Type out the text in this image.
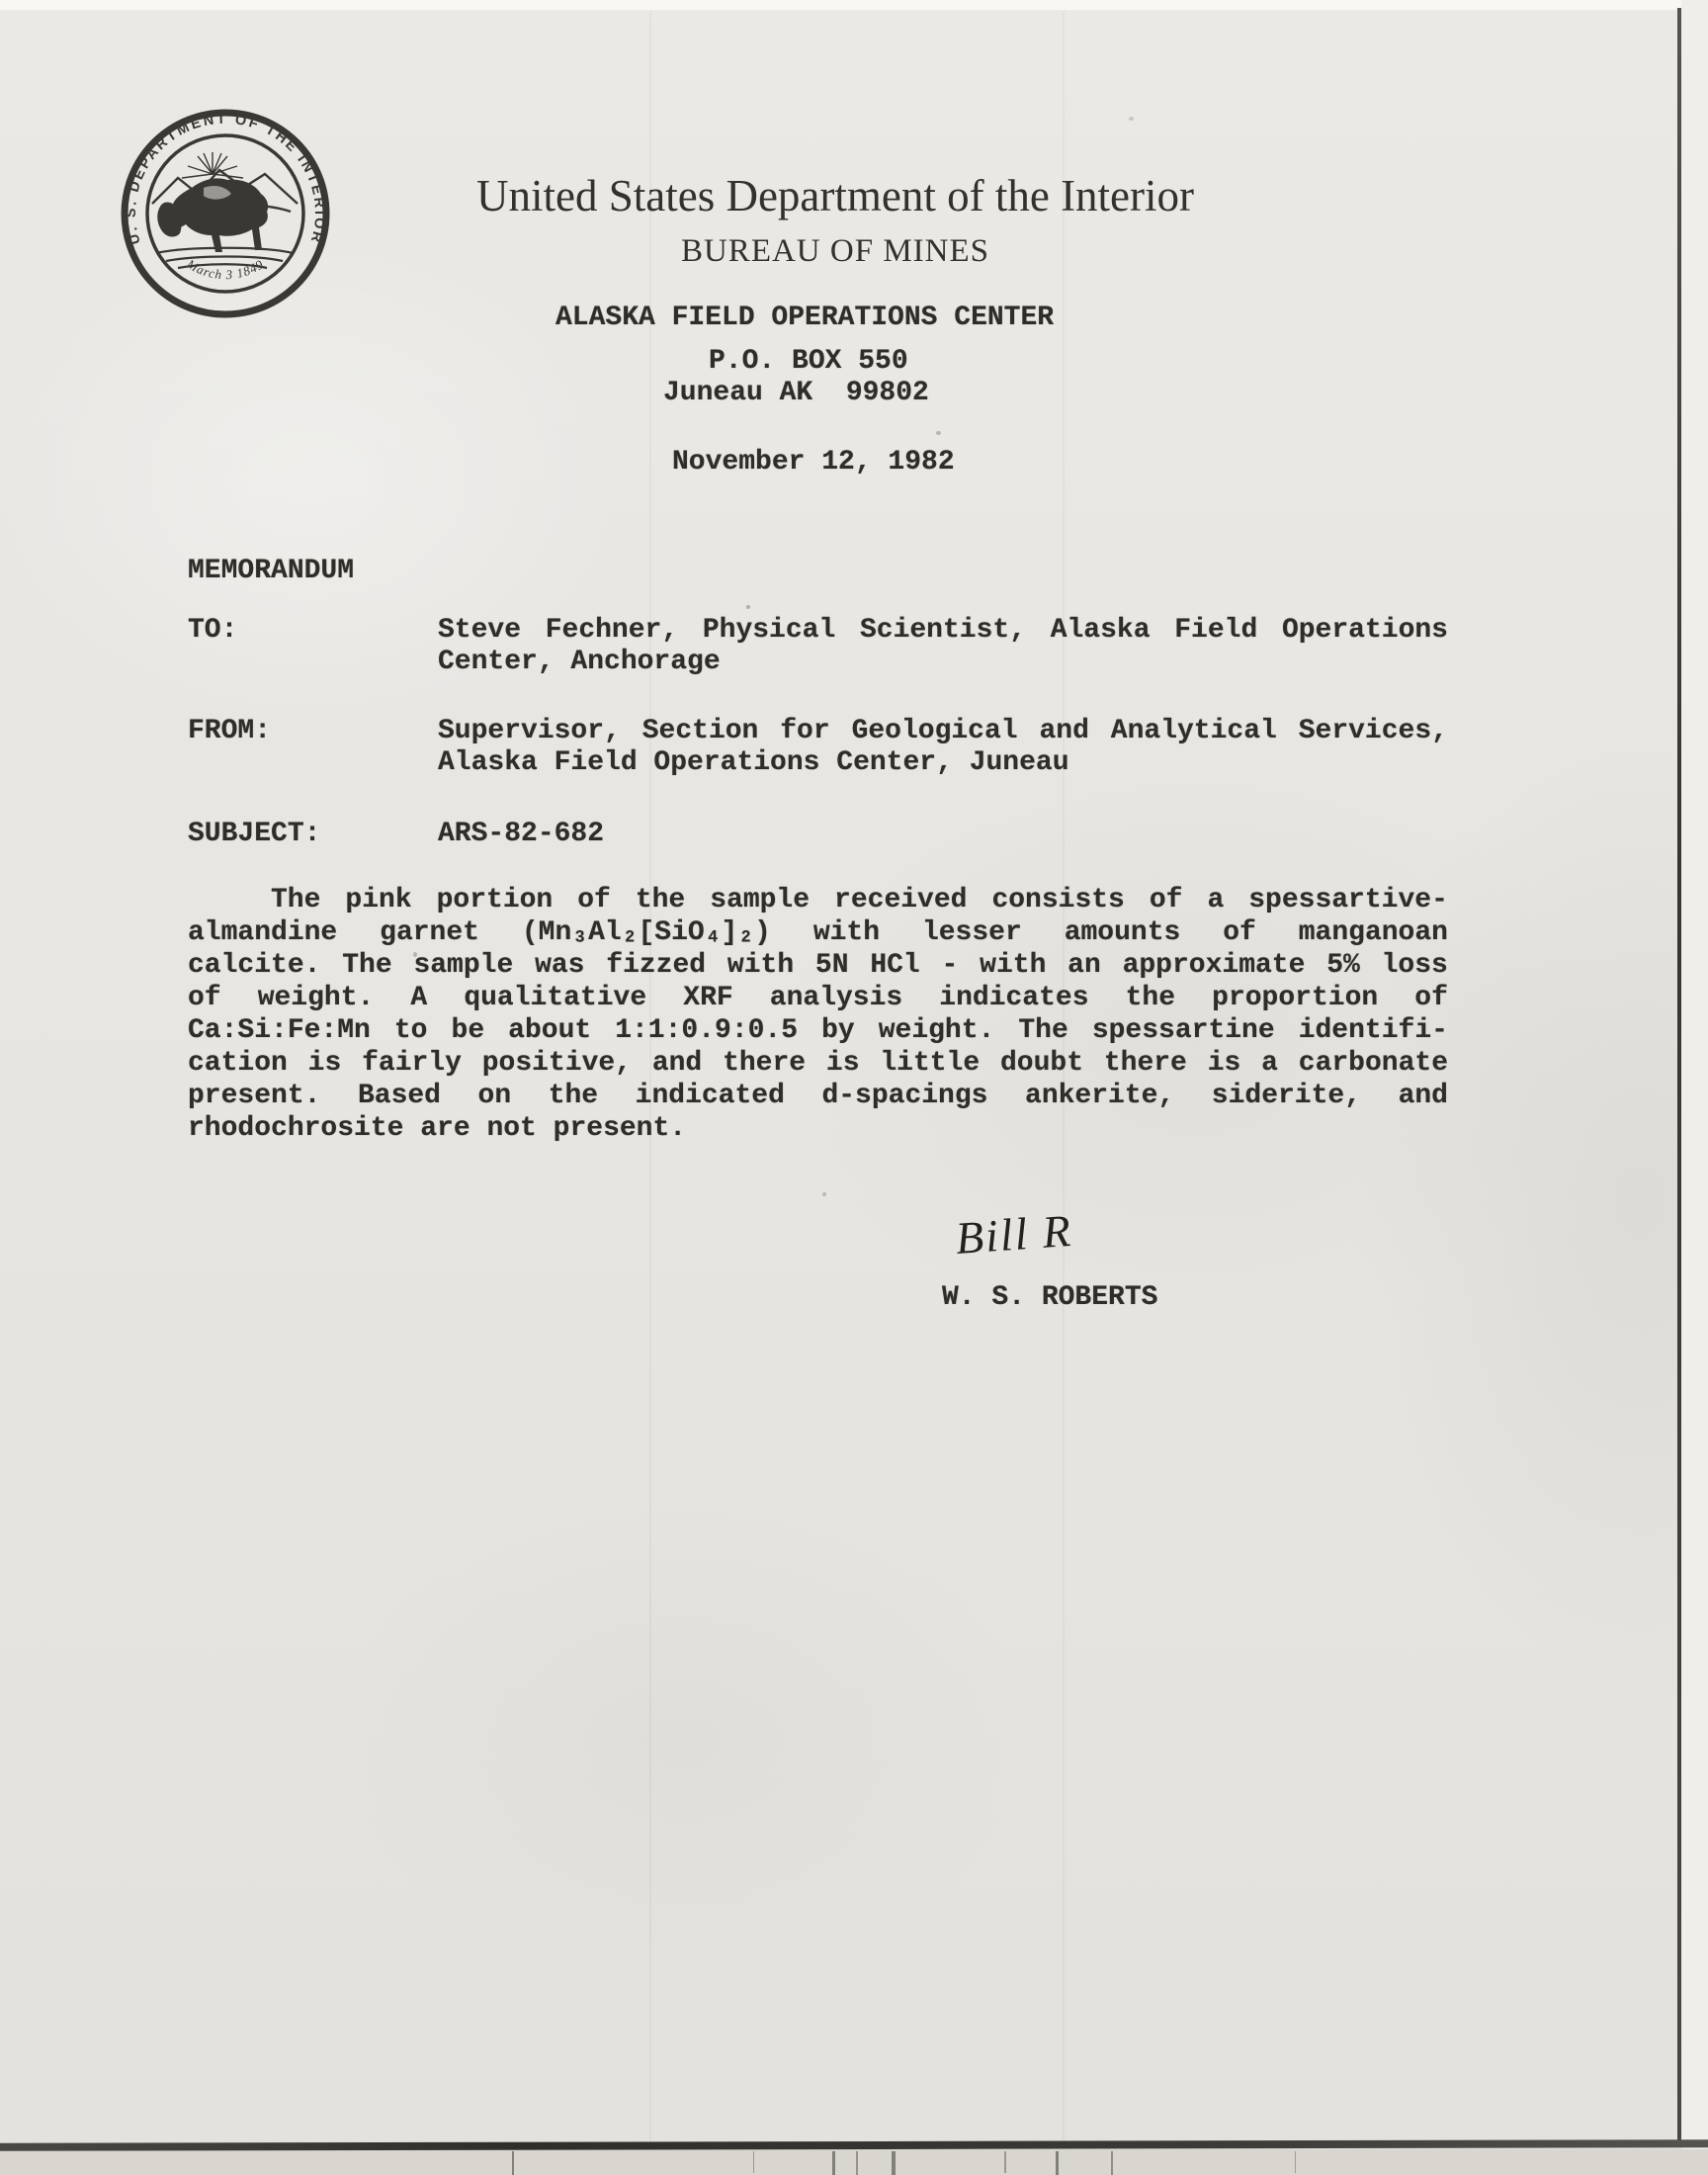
U. S. DEPARTMENT OF THE INTERIOR
March 3 1849
United States Department of the Interior
BUREAU OF MINES
ALASKA FIELD OPERATIONS CENTER
P.O. BOX 550
Juneau AK  99802
November 12, 1982
MEMORANDUM
TO:	Steve Fechner, Physical Scientist, Alaska Field Operations
Center, Anchorage
FROM:	Supervisor, Section for Geological and Analytical Services,
Alaska Field Operations Center, Juneau
SUBJECT:	ARS-82-682
The pink portion of the sample received consists of a spessartive-
almandine garnet (Mn₃Al₂[SiO₄]₂) with lesser amounts of manganoan
calcite. The sample was fizzed with 5N HCl - with an approximate 5% loss
of weight. A qualitative XRF analysis indicates the proportion of
Ca:Si:Fe:Mn to be about 1:1:0.9:0.5 by weight. The spessartine identifi-
cation is fairly positive, and there is little doubt there is a carbonate
present. Based on the indicated d-spacings ankerite, siderite, and
rhodochrosite are not present.
Bill R
W. S. ROBERTS
